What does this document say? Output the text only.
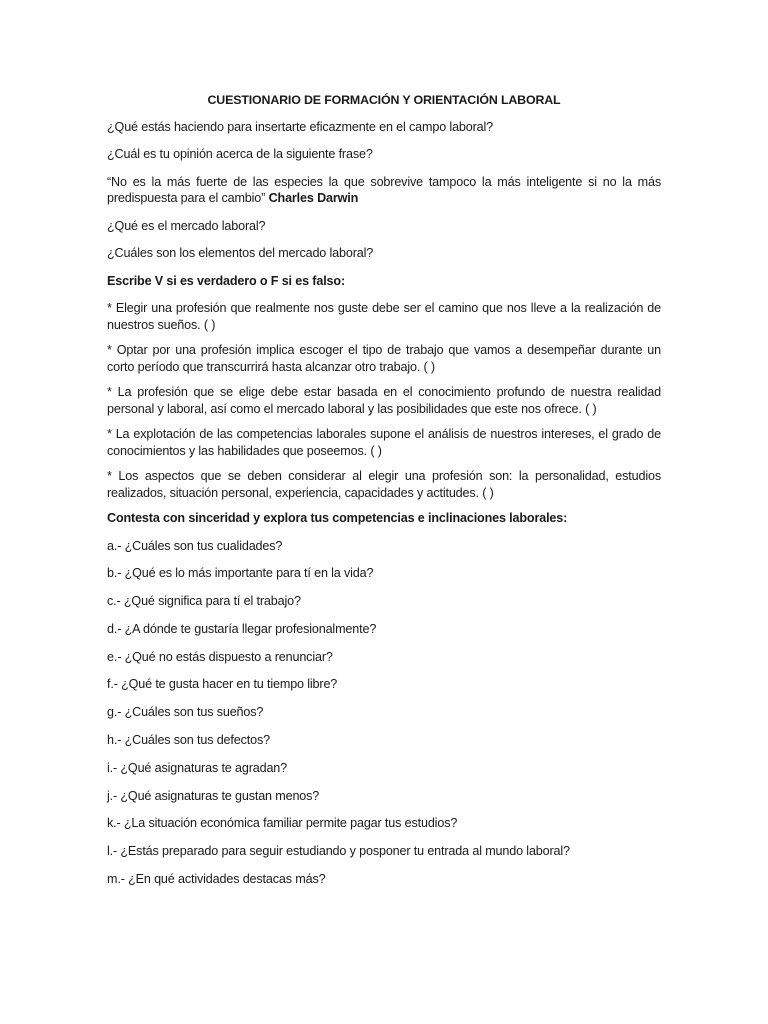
CUESTIONARIO DE FORMACIÓN Y ORIENTACIÓN LABORAL

¿Qué estás haciendo para insertarte eficazmente en el campo laboral?

¿Cuál es tu opinión acerca de la siguiente frase?

“No es la más fuerte de las especies la que sobrevive tampoco la más inteligente si no la más predispuesta para el cambio” Charles Darwin

¿Qué es el mercado laboral?

¿Cuáles son los elementos del mercado laboral?

Escribe V si es verdadero o F si es falso:

* Elegir una profesión que realmente nos guste debe ser el camino que nos lleve a la realización de nuestros sueños. ( )

* Optar por una profesión implica escoger el tipo de trabajo que vamos a desempeñar durante un corto período que transcurrirá hasta alcanzar otro trabajo. ( )

* La profesión que se elige debe estar basada en el conocimiento profundo de nuestra realidad personal y laboral, así como el mercado laboral y las posibilidades que este nos ofrece. ( )

* La explotación de las competencias laborales supone el análisis de nuestros intereses, el grado de conocimientos y las habilidades que poseemos. ( )

* Los aspectos que se deben considerar al elegir una profesión son: la personalidad, estudios realizados, situación personal, experiencia, capacidades y actitudes. ( )

Contesta con sinceridad y explora tus competencias e inclinaciones laborales:

a.- ¿Cuáles son tus cualidades?

b.- ¿Qué es lo más importante para tí en la vida?

c.- ¿Qué significa para tí el trabajo?

d.- ¿A dónde te gustaría llegar profesionalmente?

e.- ¿Qué no estás dispuesto a renunciar?

f.- ¿Qué te gusta hacer en tu tiempo libre?

g.- ¿Cuáles son tus sueños?

h.- ¿Cuáles son tus defectos?

i.- ¿Qué asignaturas te agradan?

j.- ¿Qué asignaturas te gustan menos?

k.- ¿La situación económica familiar permite pagar tus estudios?

l.- ¿Estás preparado para seguir estudiando y posponer tu entrada al mundo laboral?

m.- ¿En qué actividades destacas más?
